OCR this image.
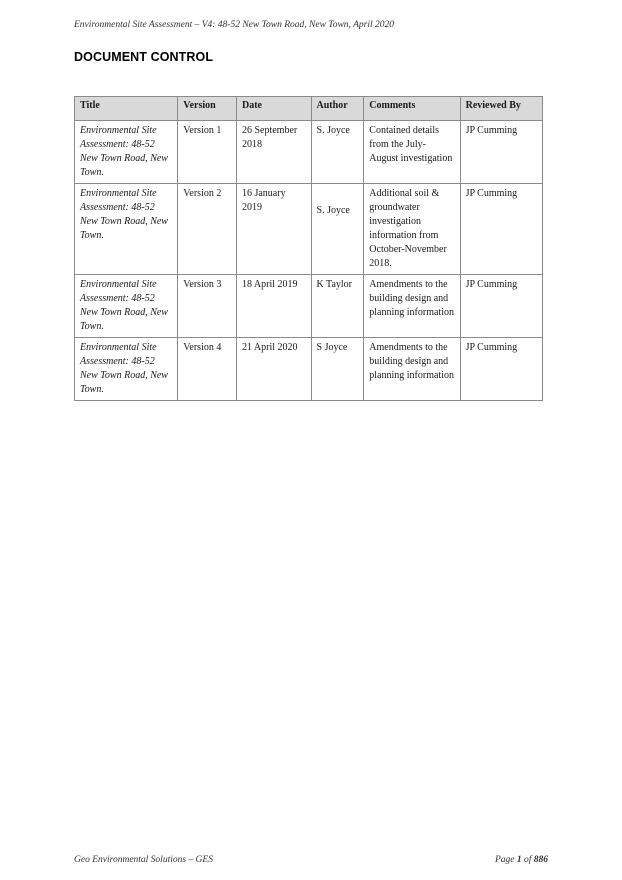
Environmental Site Assessment – V4: 48-52 New Town Road, New Town, April 2020
DOCUMENT CONTROL
Title	Version	Date	Author	Comments	Reviewed By
Environmental Site Assessment: 48-52 New Town Road, New Town.	Version 1	26 September 2018	S. Joyce	Contained details from the July-August investigation	JP Cumming
Environmental Site Assessment: 48-52 New Town Road, New Town.	Version 2	16 January 2019	S. Joyce	Additional soil & groundwater investigation information from October-November 2018.	JP Cumming
Environmental Site Assessment: 48-52 New Town Road, New Town.	Version 3	18 April 2019	K Taylor	Amendments to the building design and planning information	JP Cumming
Environmental Site Assessment: 48-52 New Town Road, New Town.	Version 4	21 April 2020	S Joyce	Amendments to the building design and planning information	JP Cumming
Geo Environmental Solutions – GES	Page 1 of 886
